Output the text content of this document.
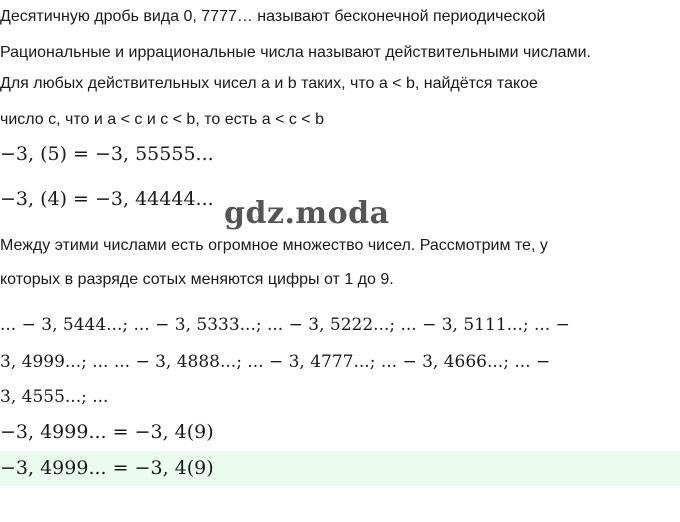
Десятичную дробь вида 0, 7777… называют бесконечной периодической
Рациональные и иррациональные числа называют действительными числами.
Для любых действительных чисел a и b таких, что a < b, найдётся такое
число c, что и a < c и c < b, то есть a < c < b
−3, (5) = −3, 55555...
−3, (4) = −3, 44444...
Между этими числами есть огромное множество чисел. Рассмотрим те, у
которых в разряде сотых меняются цифры от 1 до 9.
... − 3, 5444...; ... − 3, 5333...; ... − 3, 5222...; ... − 3, 5111...; ... −
3, 4999...; ... ... − 3, 4888...; ... − 3, 4777...; ... − 3, 4666...; ... −
3, 4555...; ...
−3, 4999... = −3, 4(9)
−3, 4999... = −3, 4(9)
gdz.moda
